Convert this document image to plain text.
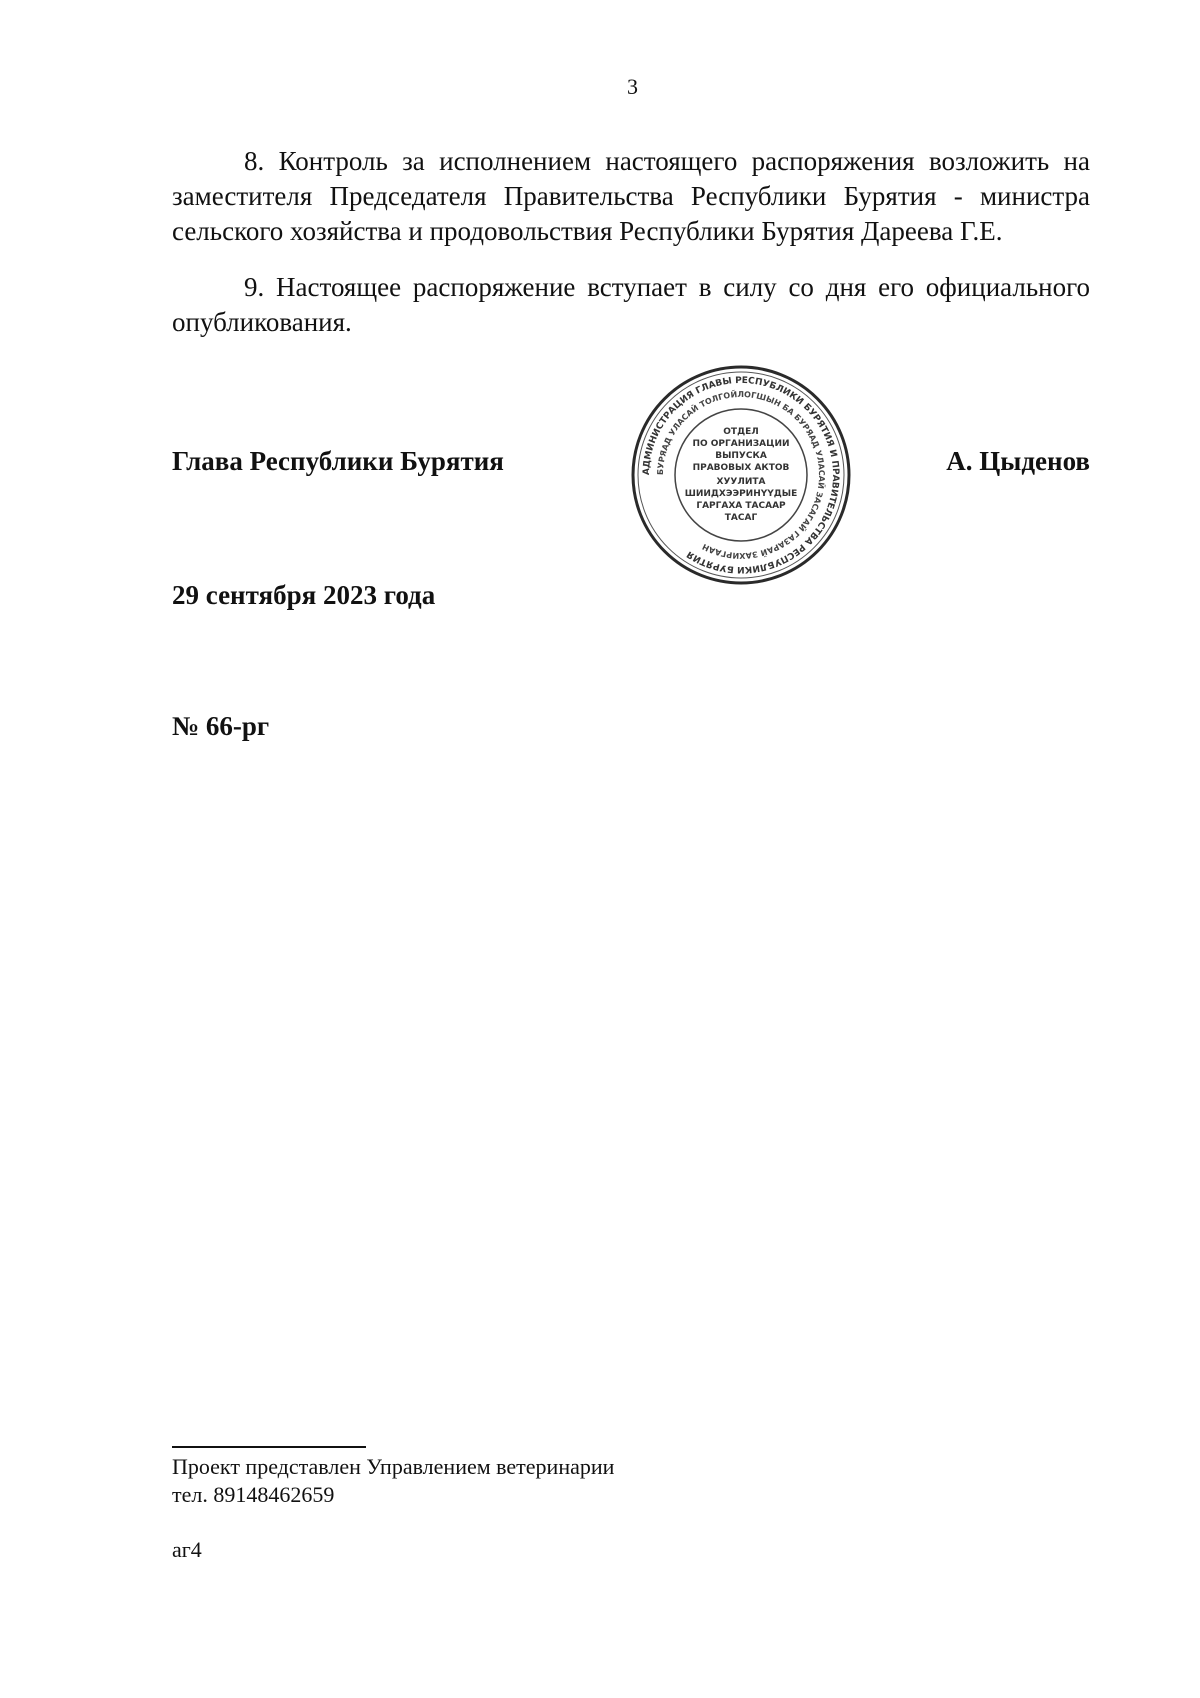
3

8. Контроль за исполнением настоящего распоряжения возложить на заместителя Председателя Правительства Республики Бурятия - министра сельского хозяйства и продовольствия Республики Бурятия Дареева Г.Е.

9. Настоящее распоряжение вступает в силу со дня его официального опубликования.

Глава Республики Бурятия	АДМИНИСТРАЦИЯ ГЛАВЫ РЕСПУБЛИКИ БУРЯТИЯ И ПРАВИТЕЛЬСТВА РЕСПУБЛИКИ БУРЯТИЯ
БУРЯАД УЛАСАЙ ТОЛГОЙЛОГШЫН БА БУРЯАД УЛАСАЙ ЗАСАГАЙ ГАЗАРАЙ ЗАХИРГААН
ОТДЕЛ
ПО ОРГАНИЗАЦИИ
ВЫПУСКА
ПРАВОВЫХ АКТОВ
ХУУЛИТА
ШИИДХЭЭРИНҮҮДЫЕ
ГАРГАХА ТАСААР
ТАСАГ
А. Цыденов
29 сентября 2023 года
№ 66-рг
Проект представлен Управлением ветеринарии
тел. 89148462659
аг4
